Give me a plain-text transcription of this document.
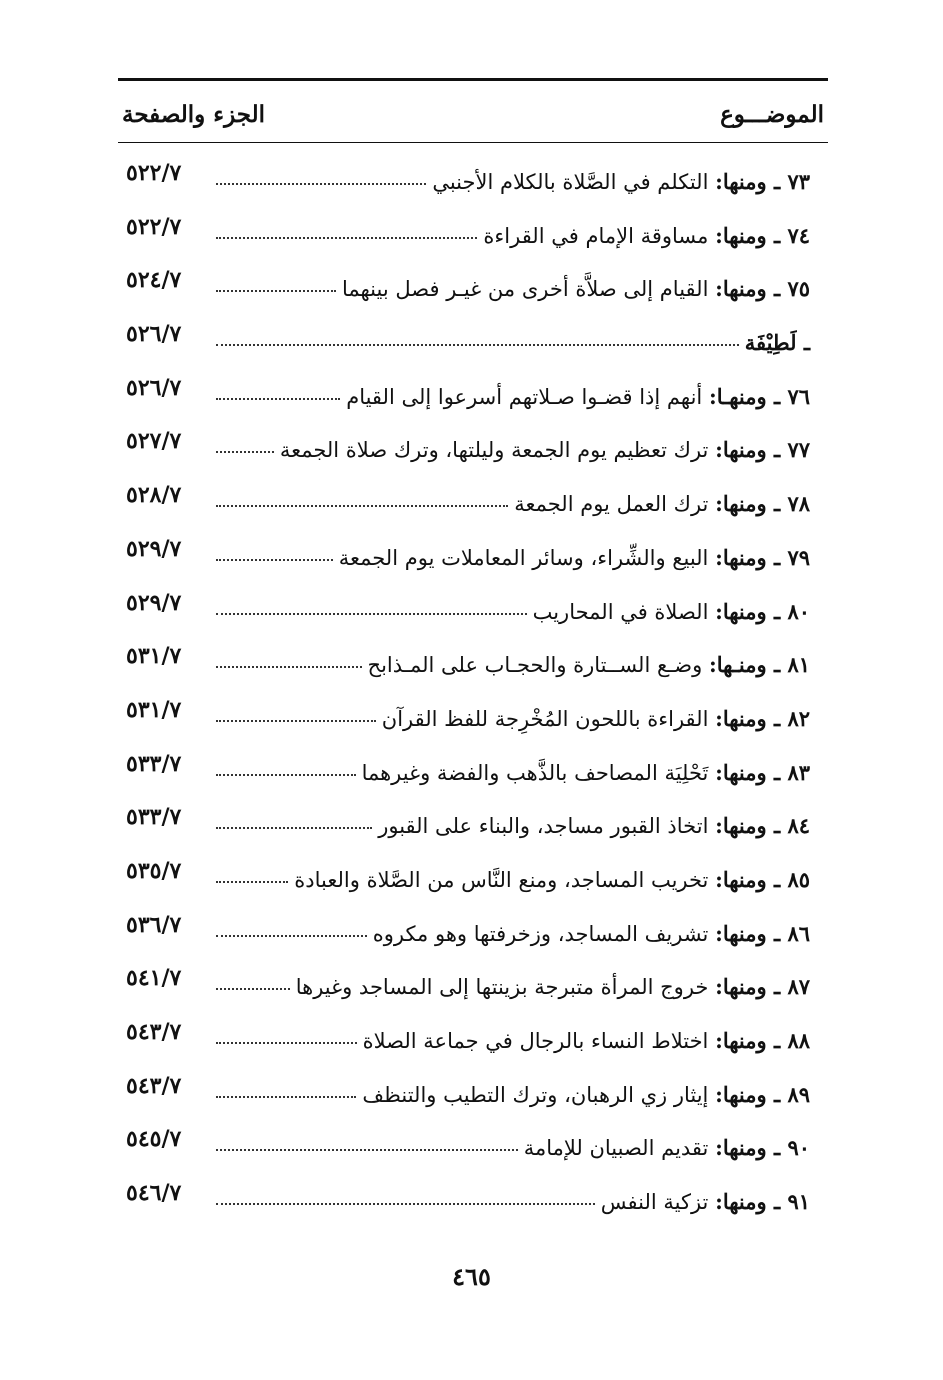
الموضـــوع
الجزء والصفحة
٧٣ ـ ومنها: التكلم في الصَّلاة بالكلام الأجنبي
٥٢٢/٧
٧٤ ـ ومنها: مساوقة الإمام في القراءة
٥٢٢/٧
٧٥ ـ ومنها: القيام إلى صلاَّة أخرى من غيـر فصل بينهما
٥٢٤/٧
ـ لَطِيْفَة
٥٢٦/٧
٧٦ ـ ومنهـا: أنهم إذا قضـوا صـلاتهم أسرعوا إلى القيام
٥٢٦/٧
٧٧ ـ ومنها: ترك تعظيم يوم الجمعة وليلتها، وترك صلاة الجمعة
٥٢٧/٧
٧٨ ـ ومنها: ترك العمل يوم الجمعة
٥٢٨/٧
٧٩ ـ ومنها: البيع والشِّراء، وسائر المعاملات يوم الجمعة
٥٢٩/٧
٨٠ ـ ومنها: الصلاة في المحاريب
٥٢٩/٧
٨١ ـ ومنـها: وضـع الســتارة والحجـاب على المـذابح
٥٣١/٧
٨٢ ـ ومنها: القراءة باللحون المُخْرِجة للفظ القرآن
٥٣١/٧
٨٣ ـ ومنها: تَحْلِيَة المصاحف بالذَّهب والفضة وغيرهما
٥٣٣/٧
٨٤ ـ ومنها: اتخاذ القبور مساجد، والبناء على القبور
٥٣٣/٧
٨٥ ـ ومنها: تخريب المساجد، ومنع النَّاس من الصَّلاة والعبادة
٥٣٥/٧
٨٦ ـ ومنها: تشريف المساجد، وزخرفتها وهو مكروه
٥٣٦/٧
٨٧ ـ ومنها: خروج المرأة متبرجة بزينتها إلى المساجد وغيرها
٥٤١/٧
٨٨ ـ ومنها: اختلاط النساء بالرجال في جماعة الصلاة
٥٤٣/٧
٨٩ ـ ومنها: إيثار زي الرهبان، وترك التطيب والتنظف
٥٤٣/٧
٩٠ ـ ومنها: تقديم الصبيان للإمامة
٥٤٥/٧
٩١ ـ ومنها: تزكية النفس
٥٤٦/٧
٤٦٥
